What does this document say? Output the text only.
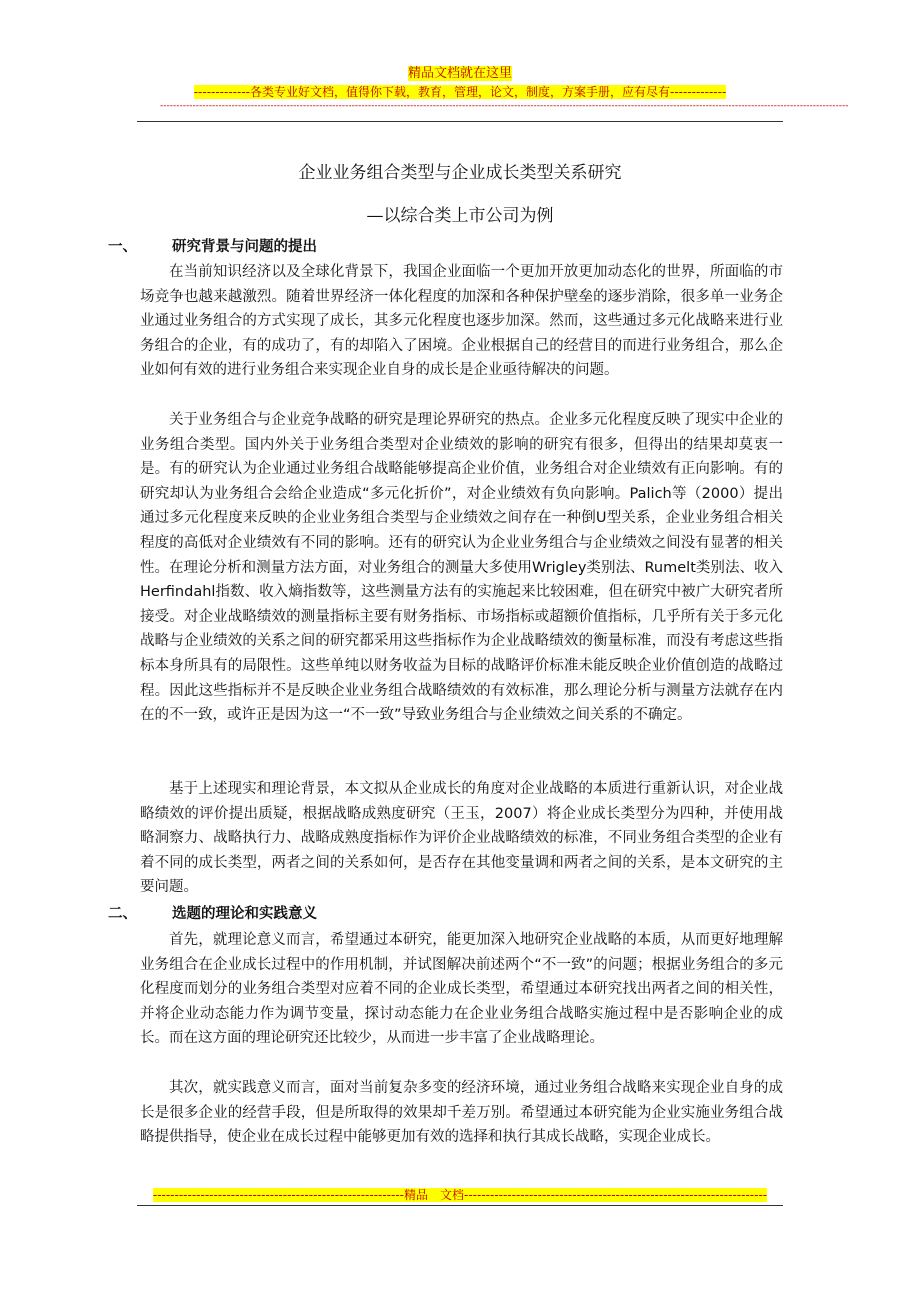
精品文档就在这里
-------------各类专业好文档，值得你下载，教育，管理，论文，制度，方案手册，应有尽有-------------
--------------------------------------------------------------------------------------------------------------------------------------------------------------------------------------------------------------------
企业业务组合类型与企业成长类型关系研究
—以综合类上市公司为例
一、 研究背景与问题的提出

在当前知识经济以及全球化背景下，我国企业面临一个更加开放更加动态化的世界，所面临的市场竞争也越来越激烈。随着世界经济一体化程度的加深和各种保护壁垒的逐步消除，很多单一业务企业通过业务组合的方式实现了成长，其多元化程度也逐步加深。然而，这些通过多元化战略来进行业务组合的企业，有的成功了，有的却陷入了困境。企业根据自己的经营目的而进行业务组合，那么企业如何有效的进行业务组合来实现企业自身的成长是企业亟待解决的问题。

关于业务组合与企业竞争战略的研究是理论界研究的热点。企业多元化程度反映了现实中企业的业务组合类型。国内外关于业务组合类型对企业绩效的影响的研究有很多，但得出的结果却莫衷一是。有的研究认为企业通过业务组合战略能够提高企业价值，业务组合对企业绩效有正向影响。有的研究却认为业务组合会给企业造成“多元化折价”，对企业绩效有负向影响。Palich等（2000）提出通过多元化程度来反映的企业业务组合类型与企业绩效之间存在一种倒U型关系，企业业务组合相关程度的高低对企业绩效有不同的影响。还有的研究认为企业业务组合与企业绩效之间没有显著的相关性。在理论分析和测量方法方面，对业务组合的测量大多使用Wrigley类别法、Rumelt类别法、收入Herfindahl指数、收入熵指数等，这些测量方法有的实施起来比较困难，但在研究中被广大研究者所接受。对企业战略绩效的测量指标主要有财务指标、市场指标或超额价值指标，几乎所有关于多元化战略与企业绩效的关系之间的研究都采用这些指标作为企业战略绩效的衡量标准，而没有考虑这些指标本身所具有的局限性。这些单纯以财务收益为目标的战略评价标准未能反映企业价值创造的战略过程。因此这些指标并不是反映企业业务组合战略绩效的有效标准，那么理论分析与测量方法就存在内在的不一致，或许正是因为这一“不一致”导致业务组合与企业绩效之间关系的不确定。

基于上述现实和理论背景，本文拟从企业成长的角度对企业战略的本质进行重新认识，对企业战略绩效的评价提出质疑，根据战略成熟度研究（王玉，2007）将企业成长类型分为四种，并使用战略洞察力、战略执行力、战略成熟度指标作为评价企业战略绩效的标准，不同业务组合类型的企业有着不同的成长类型，两者之间的关系如何，是否存在其他变量调和两者之间的关系，是本文研究的主要问题。

二、 选题的理论和实践意义

首先，就理论意义而言，希望通过本研究，能更加深入地研究企业战略的本质，从而更好地理解业务组合在企业成长过程中的作用机制，并试图解决前述两个“不一致”的问题；根据业务组合的多元化程度而划分的业务组合类型对应着不同的企业成长类型，希望通过本研究找出两者之间的相关性，并将企业动态能力作为调节变量，探讨动态能力在企业业务组合战略实施过程中是否影响企业的成长。而在这方面的理论研究还比较少，从而进一步丰富了企业战略理论。

其次，就实践意义而言，面对当前复杂多变的经济环境，通过业务组合战略来实现企业自身的成长是很多企业的经营手段，但是所取得的效果却千差万别。希望通过本研究能为企业实施业务组合战略提供指导，使企业在成长过程中能够更加有效的选择和执行其成长战略，实现企业成长。

----------------------------------------------------------精品　文档----------------------------------------------------------------------
